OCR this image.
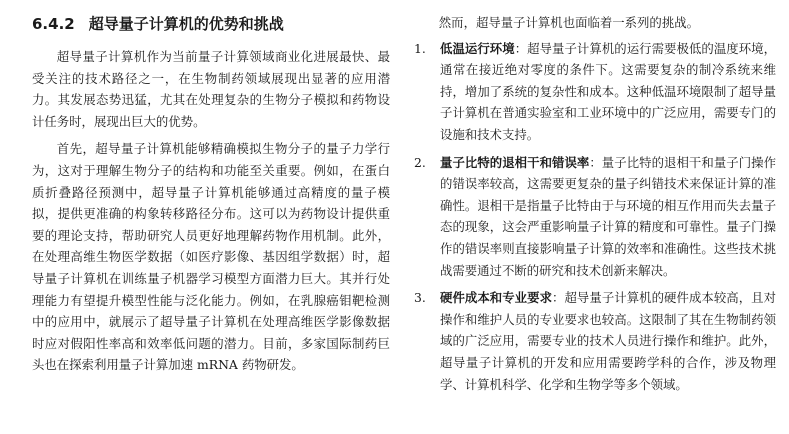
6.4.2 超导量子计算机的优势和挑战

超导量子计算机作为当前量子计算领域商业化进展最快、最受关注的技术路径之一，在生物制药领域展现出显著的应用潜力。其发展态势迅猛，尤其在处理复杂的生物分子模拟和药物设计任务时，展现出巨大的优势。

首先，超导量子计算机能够精确模拟生物分子的量子力学行为，这对于理解生物分子的结构和功能至关重要。例如，在蛋白质折叠路径预测中，超导量子计算机能够通过高精度的量子模拟，提供更准确的构象转移路径分布。这可以为药物设计提供重要的理论支持，帮助研究人员更好地理解药物作用机制。此外，在处理高维生物医学数据（如医疗影像、基因组学数据）时，超导量子计算机在训练量子机器学习模型方面潜力巨大。其并行处理能力有望提升模型性能与泛化能力。例如，在乳腺癌钼靶检测中的应用中，就展示了超导量子计算机在处理高维医学影像数据时应对假阳性率高和效率低问题的潜力。目前，多家国际制药巨头也在探索利用量子计算加速 mRNA 药物研发。

然而，超导量子计算机也面临着一系列的挑战。

1. 低温运行环境：超导量子计算机的运行需要极低的温度环境，通常在接近绝对零度的条件下。这需要复杂的制冷系统来维持，增加了系统的复杂性和成本。这种低温环境限制了超导量子计算机在普通实验室和工业环境中的广泛应用，需要专门的设施和技术支持。
2. 量子比特的退相干和错误率：量子比特的退相干和量子门操作的错误率较高，这需要更复杂的量子纠错技术来保证计算的准确性。退相干是指量子比特由于与环境的相互作用而失去量子态的现象，这会严重影响量子计算的精度和可靠性。量子门操作的错误率则直接影响量子计算的效率和准确性。这些技术挑战需要通过不断的研究和技术创新来解决。
3. 硬件成本和专业要求：超导量子计算机的硬件成本较高，且对操作和维护人员的专业要求也较高。这限制了其在生物制药领域的广泛应用，需要专业的技术人员进行操作和维护。此外，超导量子计算机的开发和应用需要跨学科的合作，涉及物理学、计算机科学、化学和生物学等多个领域。
